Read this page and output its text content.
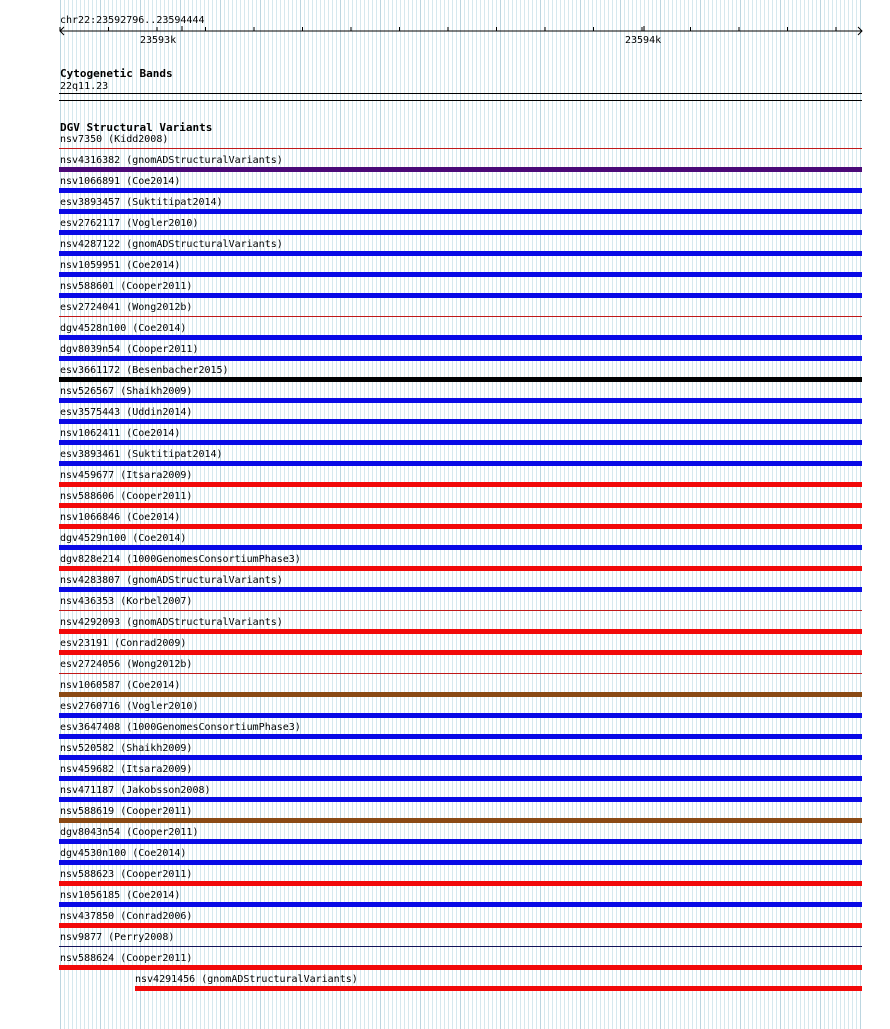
chr22:23592796..23594444
23593k	23594k
Cytogenetic Bands
22q11.23
DGV Structural Variants
nsv7350 (Kidd2008)
nsv4316382 (gnomADStructuralVariants)
nsv1066891 (Coe2014)
esv3893457 (Suktitipat2014)
esv2762117 (Vogler2010)
nsv4287122 (gnomADStructuralVariants)
nsv1059951 (Coe2014)
nsv588601 (Cooper2011)
esv2724041 (Wong2012b)
dgv4528n100 (Coe2014)
dgv8039n54 (Cooper2011)
esv3661172 (Besenbacher2015)
nsv526567 (Shaikh2009)
esv3575443 (Uddin2014)
nsv1062411 (Coe2014)
esv3893461 (Suktitipat2014)
nsv459677 (Itsara2009)
nsv588606 (Cooper2011)
nsv1066846 (Coe2014)
dgv4529n100 (Coe2014)
dgv828e214 (1000GenomesConsortiumPhase3)
nsv4283807 (gnomADStructuralVariants)
nsv436353 (Korbel2007)
nsv4292093 (gnomADStructuralVariants)
esv23191 (Conrad2009)
esv2724056 (Wong2012b)
nsv1060587 (Coe2014)
esv2760716 (Vogler2010)
esv3647408 (1000GenomesConsortiumPhase3)
nsv520582 (Shaikh2009)
nsv459682 (Itsara2009)
nsv471187 (Jakobsson2008)
nsv588619 (Cooper2011)
dgv8043n54 (Cooper2011)
dgv4530n100 (Coe2014)
nsv588623 (Cooper2011)
nsv1056185 (Coe2014)
nsv437850 (Conrad2006)
nsv9877 (Perry2008)
nsv588624 (Cooper2011)
nsv4291456 (gnomADStructuralVariants)
